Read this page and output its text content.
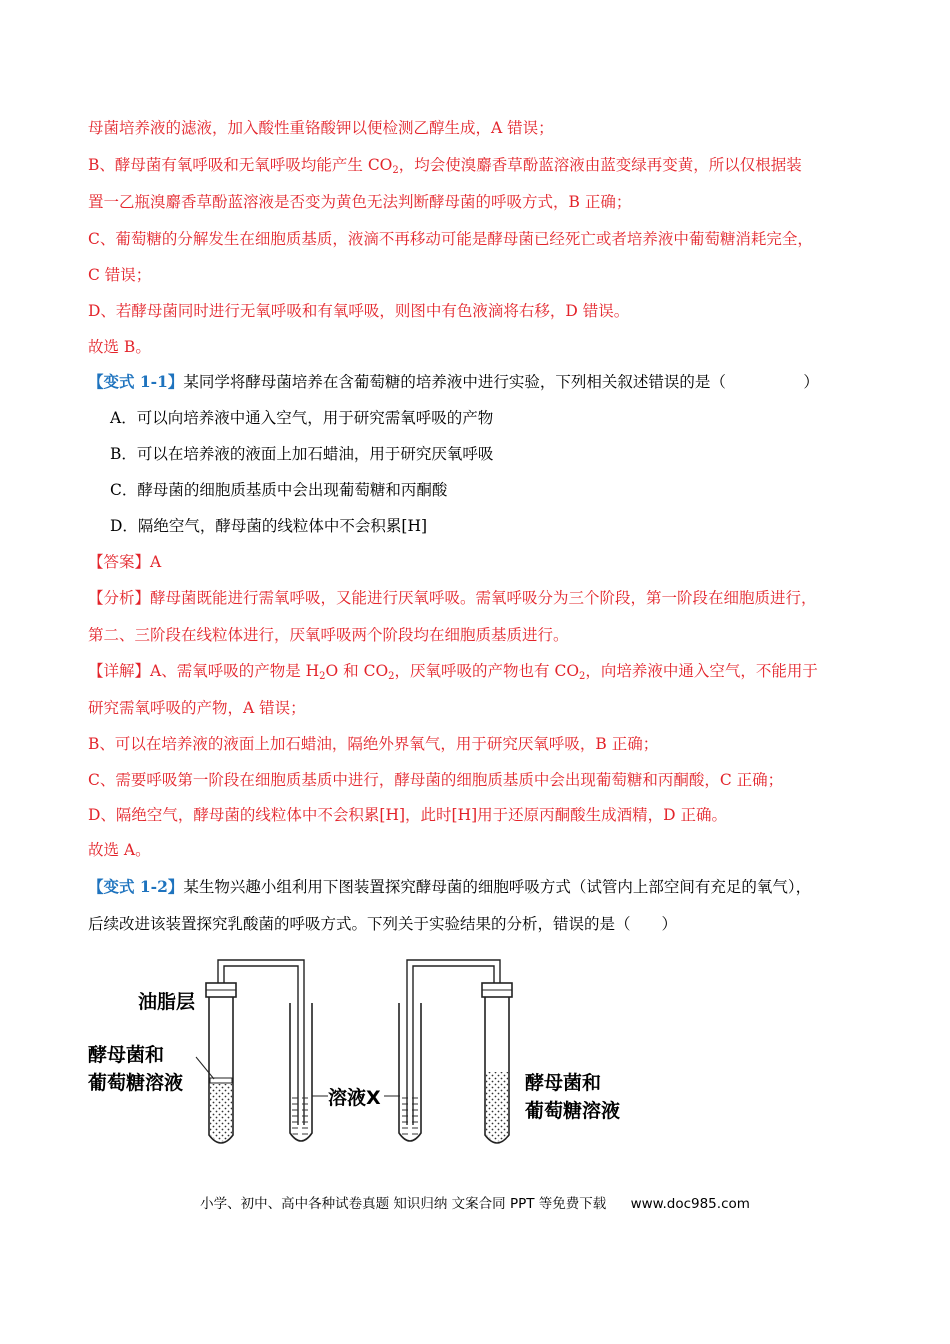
母菌培养液的滤液，加入酸性重铬酸钾以便检测乙醇生成，A 错误；
B、酵母菌有氧呼吸和无氧呼吸均能产生 $CO_2$，均会使溴麝香草酚蓝溶液由蓝变绿再变黄，所以仅根据装
置一乙瓶溴麝香草酚蓝溶液是否变为黄色无法判断酵母菌的呼吸方式，B 正确；
C、葡萄糖的分解发生在细胞质基质，液滴不再移动可能是酵母菌已经死亡或者培养液中葡萄糖消耗完全，
C 错误；
D、若酵母菌同时进行无氧呼吸和有氧呼吸，则图中有色液滴将右移，D 错误。
故选 B。
【变式 1-1】某同学将酵母菌培养在含葡萄糖的培养液中进行实验，下列相关叙述错误的是（　　　　　）
A．可以向培养液中通入空气，用于研究需氧呼吸的产物
B．可以在培养液的液面上加石蜡油，用于研究厌氧呼吸
C．酵母菌的细胞质基质中会出现葡萄糖和丙酮酸
D．隔绝空气，酵母菌的线粒体中不会积累[H]
【答案】A
【分析】酵母菌既能进行需氧呼吸，又能进行厌氧呼吸。需氧呼吸分为三个阶段，第一阶段在细胞质进行，
第二、三阶段在线粒体进行，厌氧呼吸两个阶段均在细胞质基质进行。
【详解】A、需氧呼吸的产物是 $H_2O$ 和 $CO_2$，厌氧呼吸的产物也有 $CO_2$，向培养液中通入空气，不能用于
研究需氧呼吸的产物，A 错误；
B、可以在培养液的液面上加石蜡油，隔绝外界氧气，用于研究厌氧呼吸，B 正确；
C、需要呼吸第一阶段在细胞质基质中进行，酵母菌的细胞质基质中会出现葡萄糖和丙酮酸，C 正确；
D、隔绝空气，酵母菌的线粒体中不会积累[H]，此时[H]用于还原丙酮酸生成酒精，D 正确。
故选 A。
【变式 1-2】某生物兴趣小组利用下图装置探究酵母菌的细胞呼吸方式（试管内上部空间有充足的氧气），
后续改进该装置探究乳酸菌的呼吸方式。下列关于实验结果的分析，错误的是（　　）
油脂层
酵母菌和
葡萄糖溶液
溶液X
酵母菌和
葡萄糖溶液
小学、初中、高中各种试卷真题 知识归纳 文案合同 PPT 等免费下载 www.doc985.com
